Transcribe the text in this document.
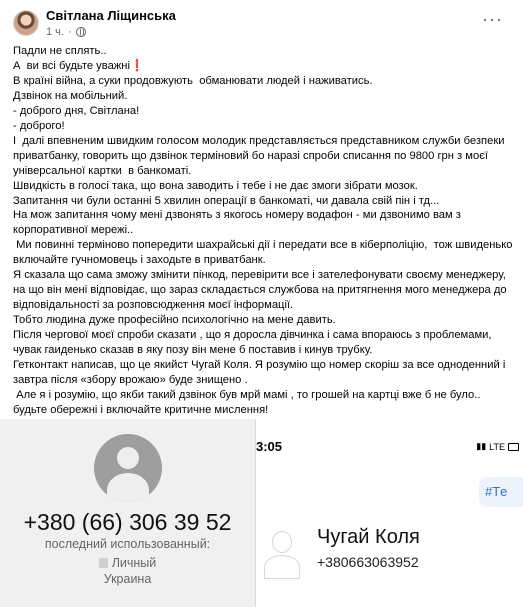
Світлана Ліщинська
1 ч. ·
···

Падли не сплять..

А  ви всі будьте уважні❗

В країні війна, а суки продовжують  обманювати людей і наживатись.

Дзвінок на мобільний.

- доброго дня, Світлана!

- доброго!

І  далі впевненим швидким голосом молодик представляється представником служби безпеки приватбанку, говорить що дзвінок терміновий бо наразі спроби списання по 9800 грн з моєї універсальної картки  в банкоматі.

Швидкість в голосі така, що вона заводить і тебе і не дає змоги зібрати мозок.

Запитання чи були останні 5 хвилин операції в банкоматі, чи давала свій пін і тд...

На мож запитання чому мені дзвонять з якогось номеру водафон - ми дзвонимо вам з корпоративної мережі..

Ми повинні терміново попередити шахрайські дії і передати все в кіберполіцію,  тож швиденько включайте гучномовець і заходьте в приватбанк.

Я сказала що сама зможу змінити пінкод, перевірити все і зателефонувати своєму менеджеру, на що він мені відповідає, що зараз складається службова на притягнення мого менеджера до відповідальності за розповсюдження моєї інформації.

Тобто людина дуже професійно психологічно на мене давить.

Після чергової моєї спроби сказати , що я доросла дівчинка і сама впораюсь з проблемами, чувак гаиденько сказав в яку позу він мене б поставив і кинув трубку.

Гетконтакт написав, що це якийст Чугай Коля. Я розумію що номер скоріш за все одноденний і завтра після «збору врожаю» буде знищено .

Але я і розумію, що якби такий дзвінок був мрй мамі , то грошей на картці вже б не було.. будьте обережні і включайте критичне мислення!

+380 (66) 306 39 52
последний использованный:
Личный
Украина
3:05	▮▮ LTE
#Тe
Чугай Коля
+380663063952
